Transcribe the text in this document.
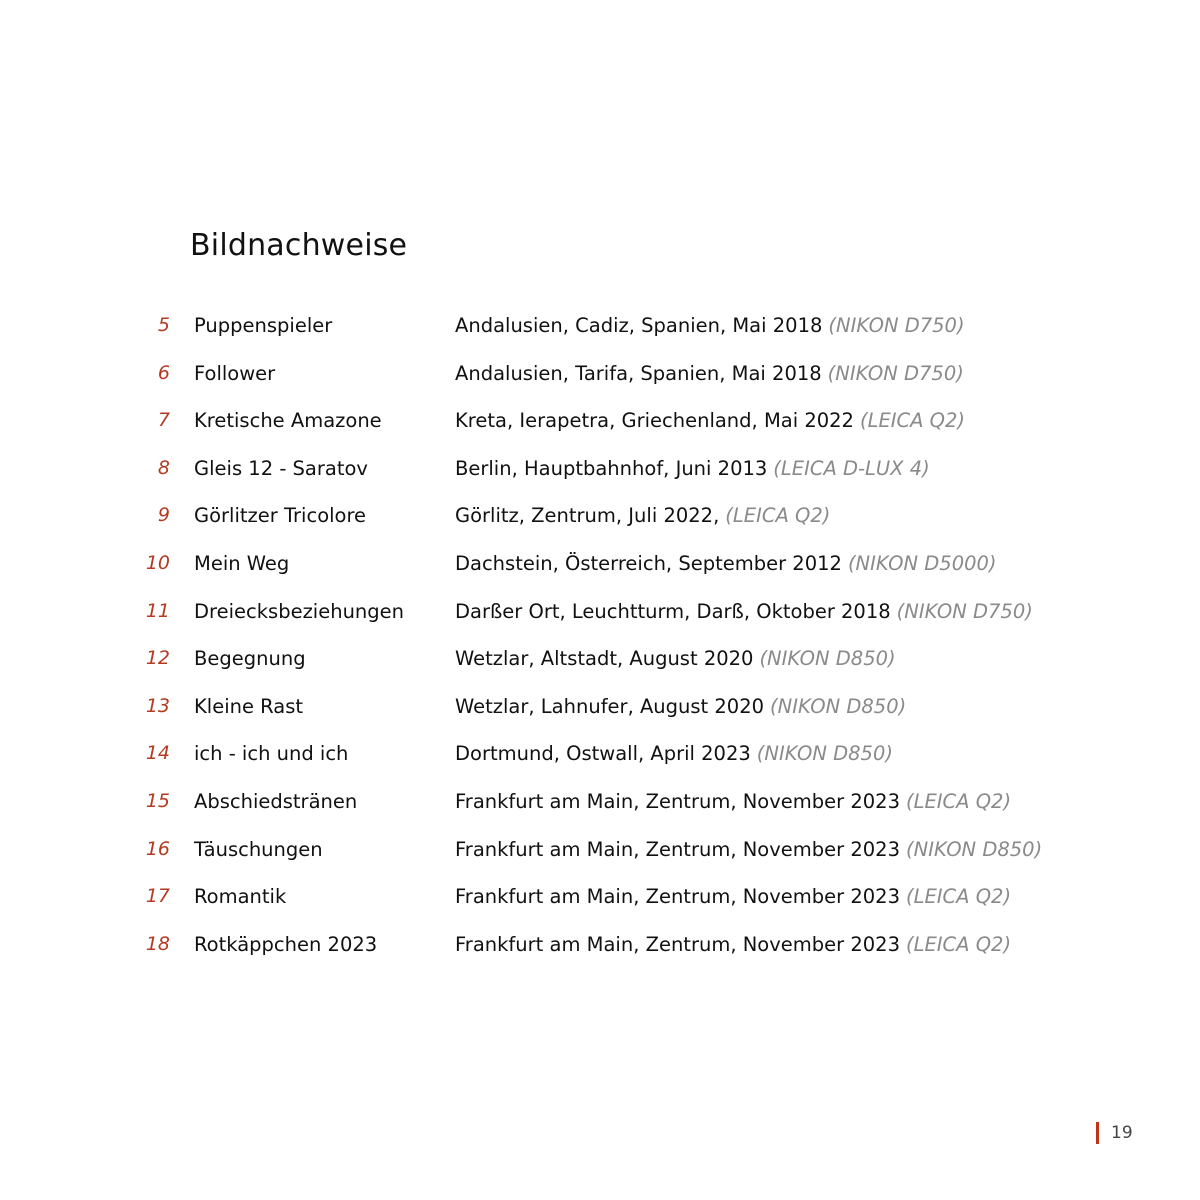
Bildnachweise
5 Puppenspieler	Andalusien, Cadiz, Spanien, Mai 2018 (NIKON D750)
6 Follower	Andalusien, Tarifa, Spanien, Mai 2018 (NIKON D750)
7 Kretische Amazone	Kreta, Ierapetra, Griechenland, Mai 2022 (LEICA Q2)
8 Gleis 12 - Saratov	Berlin, Hauptbahnhof, Juni 2013 (LEICA D-LUX 4)
9 Görlitzer Tricolore	Görlitz, Zentrum, Juli 2022, (LEICA Q2)
10 Mein Weg	Dachstein, Österreich, September 2012 (NIKON D5000)
11 Dreiecksbeziehungen	Darßer Ort, Leuchtturm, Darß, Oktober 2018 (NIKON D750)
12 Begegnung	Wetzlar, Altstadt, August 2020 (NIKON D850)
13 Kleine Rast	Wetzlar, Lahnufer, August 2020 (NIKON D850)
14 ich - ich und ich	Dortmund, Ostwall, April 2023 (NIKON D850)
15 Abschiedstränen	Frankfurt am Main, Zentrum, November 2023 (LEICA Q2)
16 Täuschungen	Frankfurt am Main, Zentrum, November 2023 (NIKON D850)
17 Romantik	Frankfurt am Main, Zentrum, November 2023 (LEICA Q2)
18 Rotkäppchen 2023	Frankfurt am Main, Zentrum, November 2023 (LEICA Q2)
19
